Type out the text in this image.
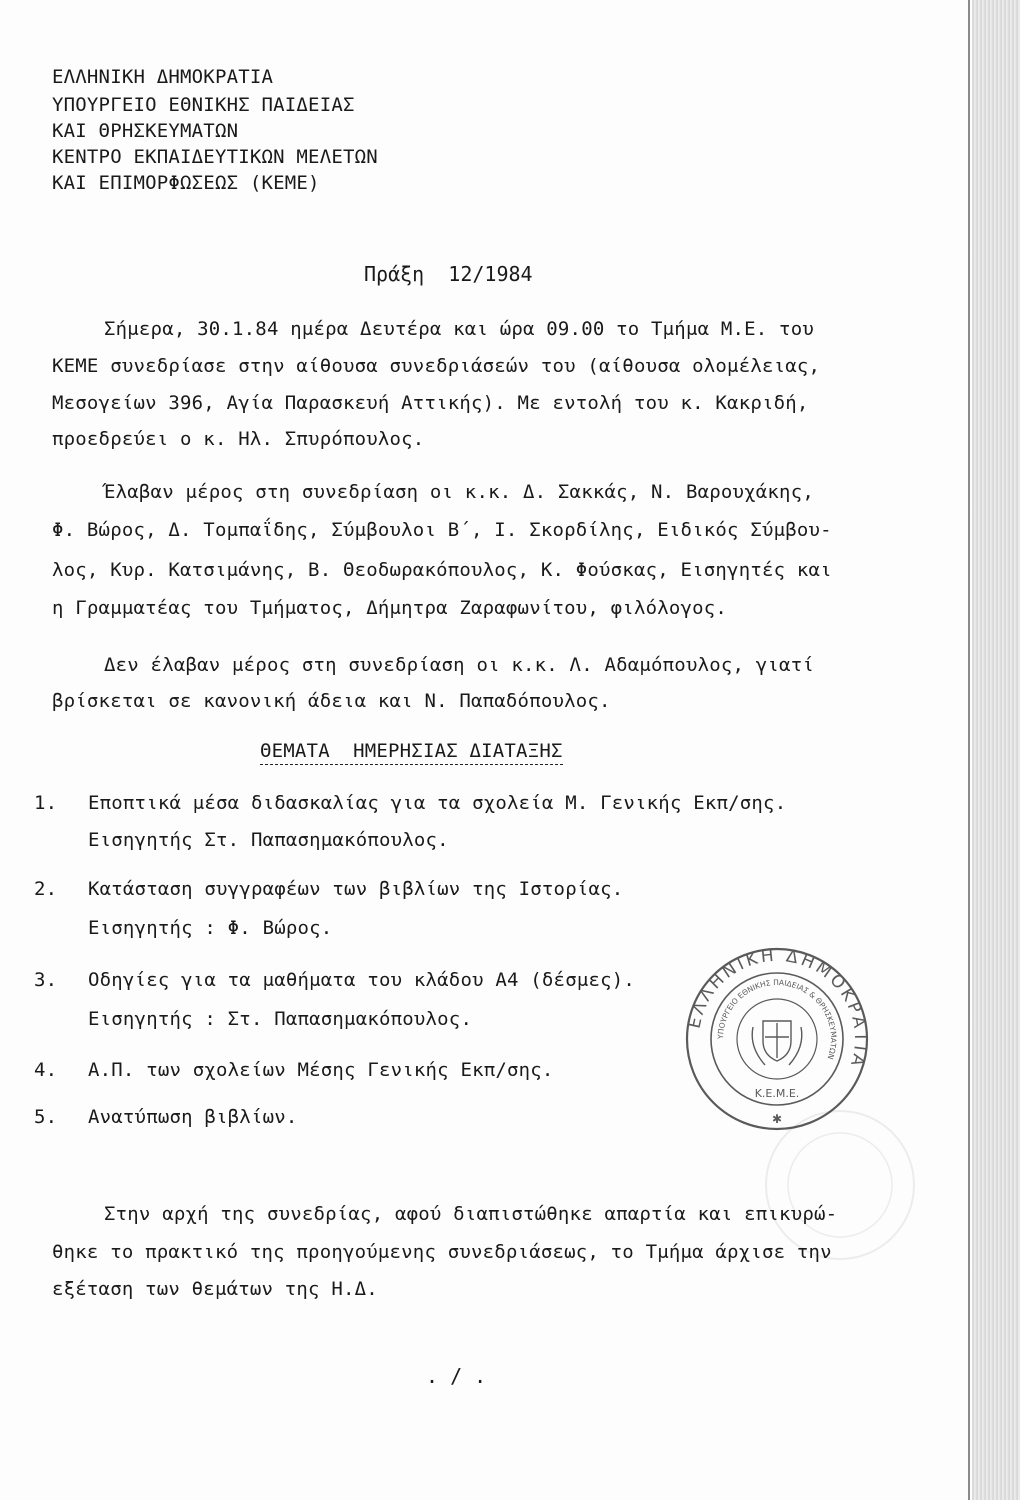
ΕΛΛΗΝΙΚΗ ΔΗΜΟΚΡΑΤΙΑ
ΥΠΟΥΡΓΕΙΟ ΕΘΝΙΚΗΣ ΠΑΙΔΕΙΑΣ
ΚΑΙ ΘΡΗΣΚΕΥΜΑΤΩΝ
ΚΕΝΤΡΟ ΕΚΠΑΙΔΕΥΤΙΚΩΝ ΜΕΛΕΤΩΝ
ΚΑΙ ΕΠΙΜΟΡΦΩΣΕΩΣ (ΚΕΜΕ)
Πράξη  12/1984
Σήμερα, 30.1.84 ημέρα Δευτέρα και ώρα 09.00 το Τμήμα Μ.Ε. του
ΚΕΜΕ συνεδρίασε στην αίθουσα συνεδριάσεών του (αίθουσα ολομέλειας,
Μεσογείων 396, Αγία Παρασκευή Αττικής). Με εντολή του κ. Κακριδή,
προεδρεύει ο κ. Ηλ. Σπυρόπουλος.
Έλαβαν μέρος στη συνεδρίαση οι κ.κ. Δ. Σακκάς, Ν. Βαρουχάκης,
Φ. Βώρος, Δ. Τομπαΐδης, Σύμβουλοι Β΄, Ι. Σκορδίλης, Ειδικός Σύμβου-
λος, Κυρ. Κατσιμάνης, Β. Θεοδωρακόπουλος, Κ. Φούσκας, Εισηγητές και
η Γραμματέας του Τμήματος, Δήμητρα Ζαραφωνίτου, φιλόλογος.
Δεν έλαβαν μέρος στη συνεδρίαση οι κ.κ. Λ. Αδαμόπουλος, γιατί
βρίσκεται σε κανονική άδεια και Ν. Παπαδόπουλος.
ΘΕΜΑΤΑ  ΗΜΕΡΗΣΙΑΣ ΔΙΑΤΑΞΗΣ
1. Εποπτικά μέσα διδασκαλίας για τα σχολεία Μ. Γενικής Εκπ/σης.
Εισηγητής Στ. Παπασημακόπουλος.
2. Κατάσταση συγγραφέων των βιβλίων της Ιστορίας.
Εισηγητής : Φ. Βώρος.
3. Οδηγίες για τα μαθήματα του κλάδου Α4 (δέσμες).
Εισηγητής : Στ. Παπασημακόπουλος.
4. Α.Π. των σχολείων Μέσης Γενικής Εκπ/σης.
5. Ανατύπωση βιβλίων.
Στην αρχή της συνεδρίας, αφού διαπιστώθηκε απαρτία και επικυρώ-
θηκε το πρακτικό της προηγούμενης συνεδριάσεως, το Τμήμα άρχισε την
εξέταση των θεμάτων της Η.Δ.
. / .
ΕΛΛΗΝΙΚΗ ΔΗΜΟΚΡΑΤΙΑ
ΥΠΟΥΡΓΕΙΟ ΕΘΝΙΚΗΣ ΠΑΙΔΕΙΑΣ & ΘΡΗΣΚΕΥΜΑΤΩΝ
Κ.Ε.Μ.Ε.
✱
